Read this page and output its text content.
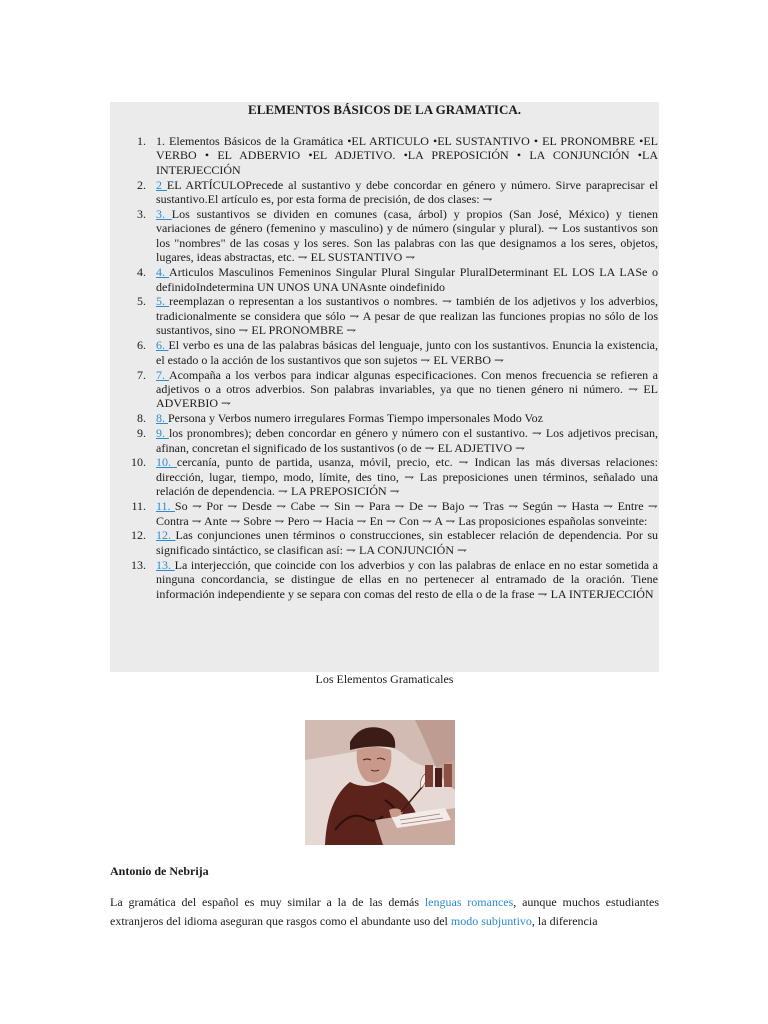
ELEMENTOS BÁSICOS DE LA GRAMATICA.
1. 1. Elementos Básicos de la Gramática •EL ARTICULO •EL SUSTANTIVO • EL PRONOMBRE •EL VERBO • EL ADBERVIO •EL ADJETIVO. •LA PREPOSICIÓN • LA CONJUNCIÓN •LA INTERJECCIÓN
2. 2 EL ARTÍCULOPrecede al sustantivo y debe concordar en género y número. Sirve paraprecisar el sustantivo.El artículo es, por esta forma de precisión, de dos clases: ⇁
3. 3. Los sustantivos se dividen en comunes (casa, árbol) y propios (San José, México) y tienen variaciones de género (femenino y masculino) y de número (singular y plural). ⇁ Los sustantivos son los "nombres" de las cosas y los seres. Son las palabras con las que designamos a los seres, objetos, lugares, ideas abstractas, etc. ⇁ EL SUSTANTIVO ⇁
4. 4. Articulos Masculinos Femeninos Singular Plural Singular PluralDeterminant EL LOS LA LASe o definidoIndetermina UN UNOS UNA UNAsnte oindefinido
5. 5. reemplazan o representan a los sustantivos o nombres. ⇁ también de los adjetivos y los adverbios, tradicionalmente se considera que sólo ⇁ A pesar de que realizan las funciones propias no sólo de los sustantivos, sino ⇁ EL PRONOMBRE ⇁
6. 6. El verbo es una de las palabras básicas del lenguaje, junto con los sustantivos. Enuncia la existencia, el estado o la acción de los sustantivos que son sujetos ⇁ EL VERBO ⇁
7. 7. Acompaña a los verbos para indicar algunas especificaciones. Con menos frecuencia se refieren a adjetivos o a otros adverbios. Son palabras invariables, ya que no tienen género ni número. ⇁ EL ADVERBIO ⇁
8. 8. Persona y Verbos numero irregulares Formas Tiempo impersonales Modo Voz
9. 9. los pronombres); deben concordar en género y número con el sustantivo. ⇁ Los adjetivos precisan, afinan, concretan el significado de los sustantivos (o de ⇁ EL ADJETIVO ⇁
10. 10. cercanía, punto de partida, usanza, móvil, precio, etc. ⇁ Indican las más diversas relaciones: dirección, lugar, tiempo, modo, límite, des tino, ⇁ Las preposiciones unen términos, señalado una relación de dependencia. ⇁ LA PREPOSICIÓN ⇁
11. 11. So ⇁ Por ⇁ Desde ⇁ Cabe ⇁ Sin ⇁ Para ⇁ De ⇁ Bajo ⇁ Tras ⇁ Según ⇁ Hasta ⇁ Entre ⇁ Contra ⇁ Ante ⇁ Sobre ⇁ Pero ⇁ Hacia ⇁ En ⇁ Con ⇁ A ⇁ Las proposiciones españolas sonveinte:
12. 12. Las conjunciones unen términos o construcciones, sin establecer relación de dependencia. Por su significado sintáctico, se clasifican así: ⇁ LA CONJUNCIÓN ⇁
13. 13. La interjección, que coincide con los adverbios y con las palabras de enlace en no estar sometida a ninguna concordancia, se distingue de ellas en no pertenecer al entramado de la oración. Tiene información independiente y se separa con comas del resto de ella o de la frase ⇁ LA INTERJECCIÓN
Los Elementos Gramaticales
Antonio de Nebrija

La gramática del español es muy similar a la de las demás lenguas romances, aunque muchos estudiantes extranjeros del idioma aseguran que rasgos como el abundante uso del modo subjuntivo, la diferencia
